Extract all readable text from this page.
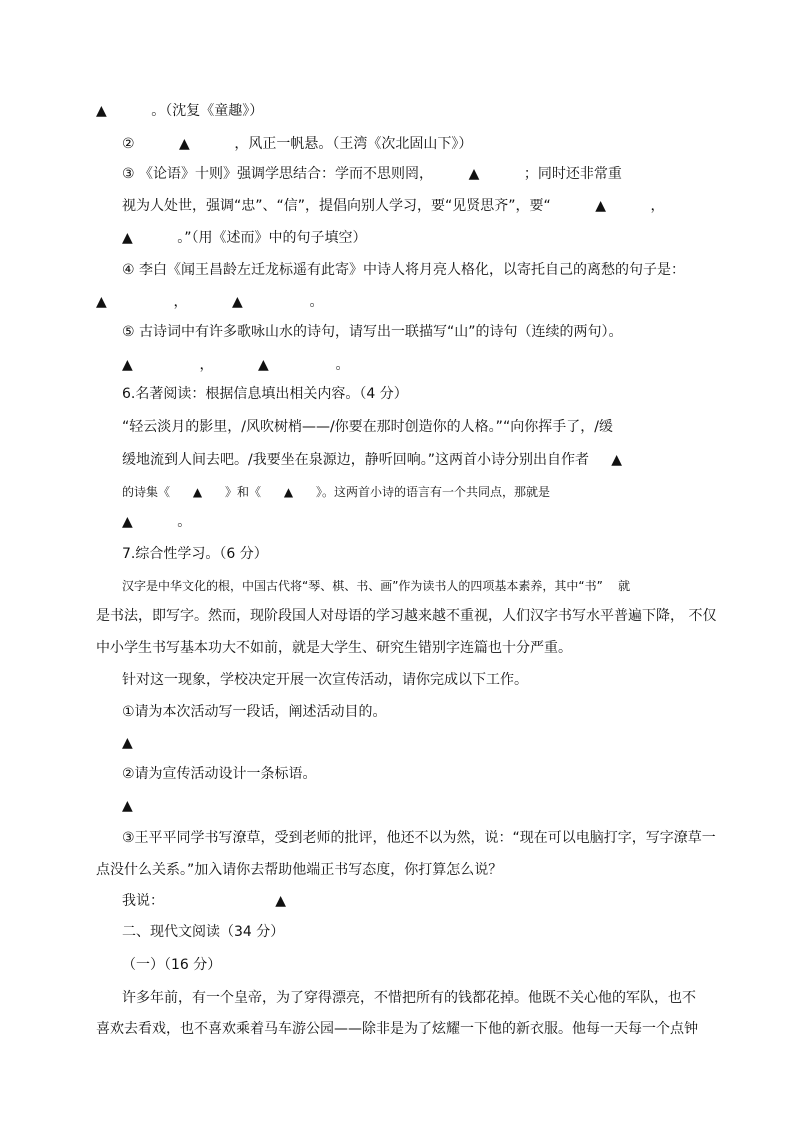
▲          。（沈复《童趣》）
②          ▲          ，风正一帆悬。（王湾《次北固山下》）
③ 《论语》十则》强调学思结合：学而不思则罔，        ▲          ；同时还非常重
视为人处世，强调“忠”、“信”，提倡向别人学习，要“见贤思齐”，要“          ▲          ，
▲          。”（用《述而》中的句子填空）
④ 李白《闻王昌龄左迁龙标遥有此寄》中诗人将月亮人格化，以寄托自己的离愁的句子是：
▲               ，          ▲               。
⑤ 古诗词中有许多歌咏山水的诗句，请写出一联描写“山”的诗句（连续的两句）。
▲               ，          ▲               。
6.名著阅读：根据信息填出相关内容。（4 分）
“轻云淡月的影里，/风吹树梢——/你要在那时创造你的人格。”“向你挥手了，/缓
缓地流到人间去吧。/我要坐在泉源边，静听回响。”这两首小诗分别出自作者     ▲
的诗集《      ▲      》和《      ▲      》。这两首小诗的语言有一个共同点，那就是
▲          。
7.综合性学习。（6 分）
汉字是中华文化的根，中国古代将“琴、棋、书、画”作为读书人的四项基本素养，其中“书”    就
是书法，即写字。然而，现阶段国人对母语的学习越来越不重视，人们汉字书写水平普遍下降， 不仅
中小学生书写基本功大不如前，就是大学生、研究生错别字连篇也十分严重。
针对这一现象，学校决定开展一次宣传活动，请你完成以下工作。
①请为本次活动写一段话，阐述活动目的。
▲
②请为宣传活动设计一条标语。
▲
③王平平同学书写潦草，受到老师的批评，他还不以为然，说：“现在可以电脑打字，写字潦草一
点没什么关系。”加入请你去帮助他端正书写态度，你打算怎么说？
我说：                         ▲
二、现代文阅读（34 分）
（一）（16 分）
许多年前，有一个皇帝，为了穿得漂亮，不惜把所有的钱都花掉。他既不关心他的军队，也不
喜欢去看戏，也不喜欢乘着马车游公园——除非是为了炫耀一下他的新衣服。他每一天每一个点钟
